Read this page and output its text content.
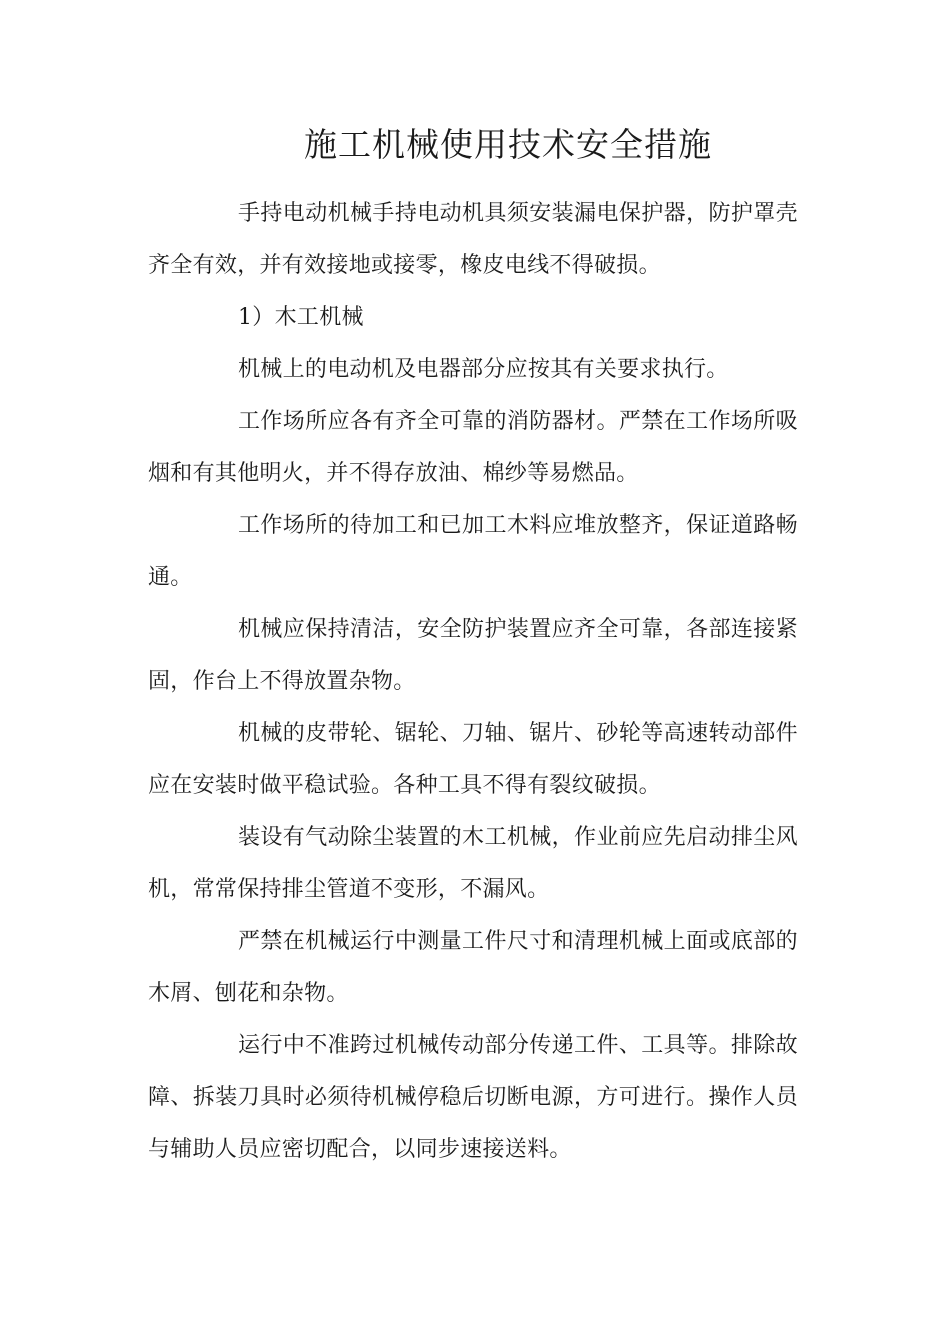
施工机械使用技术安全措施

手持电动机械手持电动机具须安装漏电保护器，防护罩壳齐全有效，并有效接地或接零，橡皮电线不得破损。

1）木工机械

机械上的电动机及电器部分应按其有关要求执行。

工作场所应各有齐全可靠的消防器材。严禁在工作场所吸烟和有其他明火，并不得存放油、棉纱等易燃品。

工作场所的待加工和已加工木料应堆放整齐，保证道路畅通。

机械应保持清洁，安全防护装置应齐全可靠，各部连接紧固，作台上不得放置杂物。

机械的皮带轮、锯轮、刀轴、锯片、砂轮等高速转动部件应在安装时做平稳试验。各种工具不得有裂纹破损。

装设有气动除尘装置的木工机械，作业前应先启动排尘风机，常常保持排尘管道不变形，不漏风。

严禁在机械运行中测量工件尺寸和清理机械上面或底部的木屑、刨花和杂物。

运行中不准跨过机械传动部分传递工件、工具等。排除故障、拆装刀具时必须待机械停稳后切断电源，方可进行。操作人员与辅助人员应密切配合，以同步速接送料。
